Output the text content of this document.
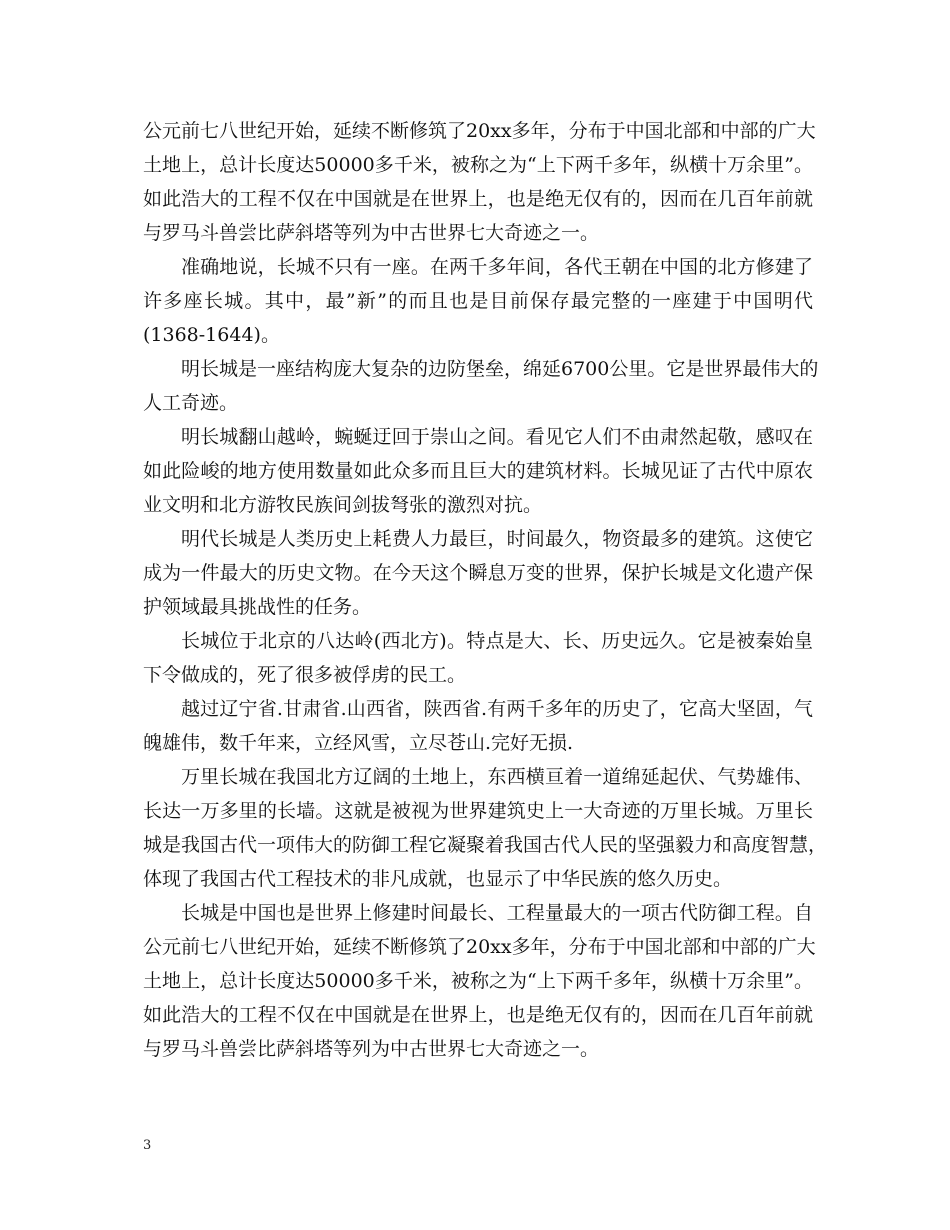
公元前七八世纪开始，延续不断修筑了20xx多年，分布于中国北部和中部的广大
土地上，总计长度达50000多千米，被称之为“上下两千多年，纵横十万余里”。
如此浩大的工程不仅在中国就是在世界上，也是绝无仅有的，因而在几百年前就
与罗马斗兽尝比萨斜塔等列为中古世界七大奇迹之一。
准确地说，长城不只有一座。在两千多年间，各代王朝在中国的北方修建了
许多座长城。其中，最”新”的而且也是目前保存最完整的一座建于中国明代
(1368-1644)。
明长城是一座结构庞大复杂的边防堡垒，绵延6700公里。它是世界最伟大的
人工奇迹。
明长城翻山越岭，蜿蜒迂回于崇山之间。看见它人们不由肃然起敬，感叹在
如此险峻的地方使用数量如此众多而且巨大的建筑材料。长城见证了古代中原农
业文明和北方游牧民族间剑拔弩张的激烈对抗。
明代长城是人类历史上耗费人力最巨，时间最久，物资最多的建筑。这使它
成为一件最大的历史文物。在今天这个瞬息万变的世界，保护长城是文化遗产保
护领域最具挑战性的任务。
长城位于北京的八达岭(西北方)。特点是大、长、历史远久。它是被秦始皇
下令做成的，死了很多被俘虏的民工。
越过辽宁省.甘肃省.山西省，陕西省.有两千多年的历史了，它高大坚固，气
魄雄伟，数千年来，立经风雪，立尽苍山.完好无损.
万里长城在我国北方辽阔的土地上，东西横亘着一道绵延起伏、气势雄伟、
长达一万多里的长墙。这就是被视为世界建筑史上一大奇迹的万里长城。万里长
城是我国古代一项伟大的防御工程它凝聚着我国古代人民的坚强毅力和高度智慧，
体现了我国古代工程技术的非凡成就，也显示了中华民族的悠久历史。
长城是中国也是世界上修建时间最长、工程量最大的一项古代防御工程。自
公元前七八世纪开始，延续不断修筑了20xx多年，分布于中国北部和中部的广大
土地上，总计长度达50000多千米，被称之为“上下两千多年，纵横十万余里”。
如此浩大的工程不仅在中国就是在世界上，也是绝无仅有的，因而在几百年前就
与罗马斗兽尝比萨斜塔等列为中古世界七大奇迹之一。
3
